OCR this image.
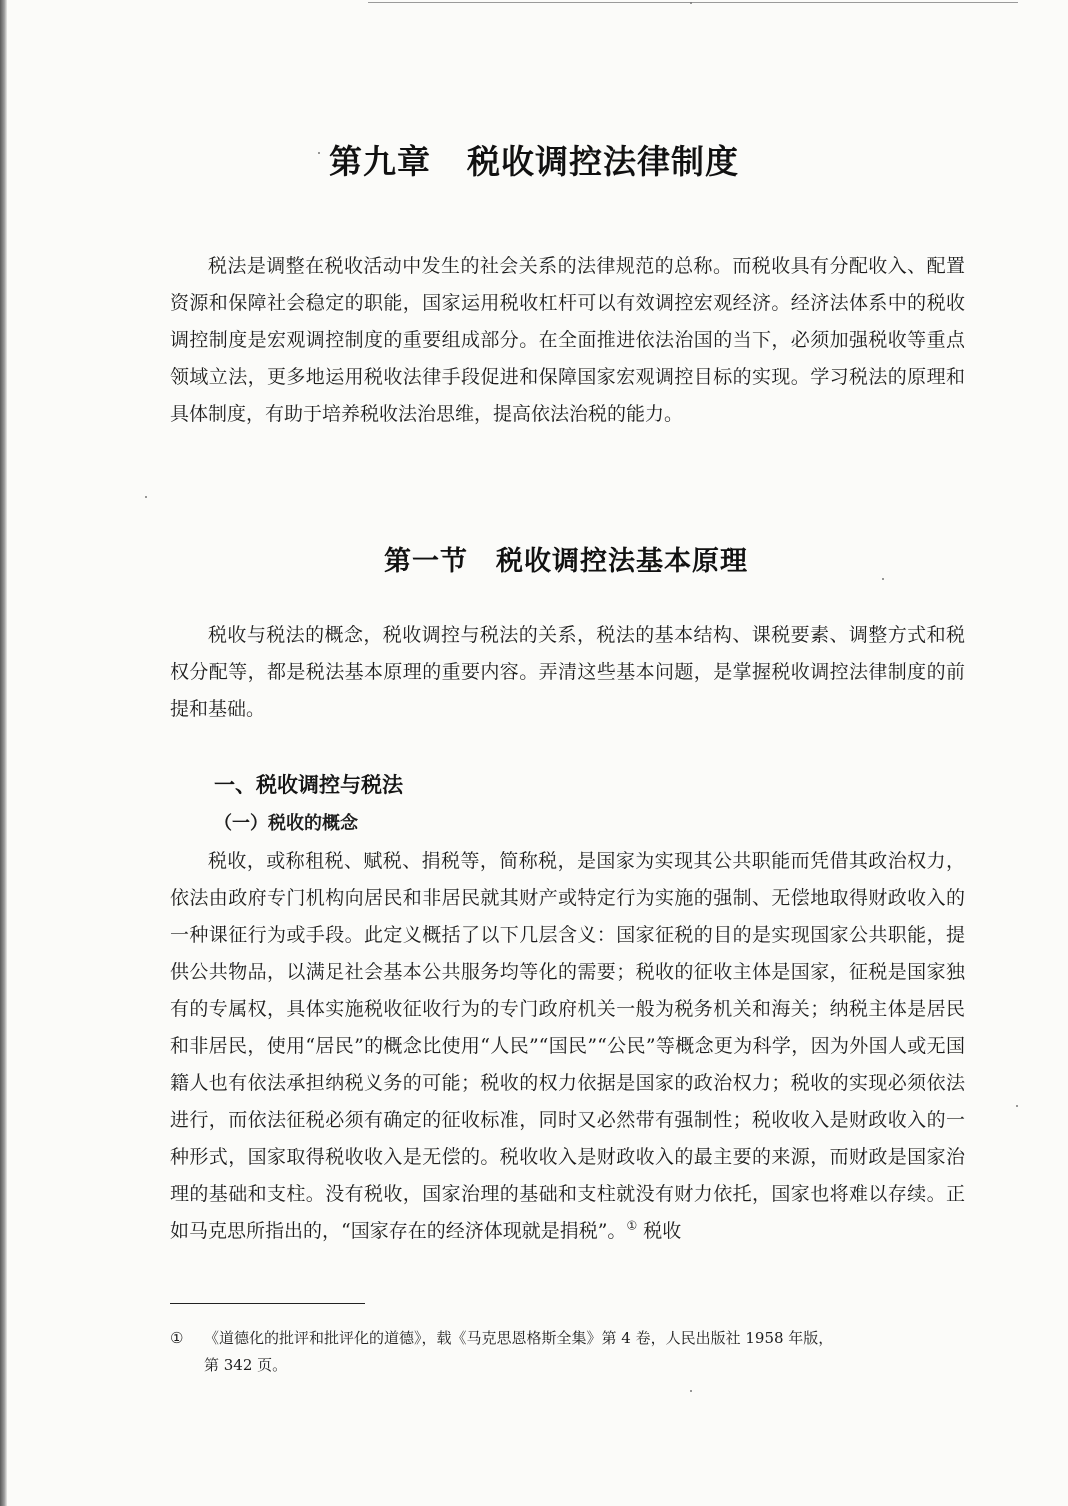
第九章 税收调控法律制度

税法是调整在税收活动中发生的社会关系的法律规范的总称。而税收具有分配收入、配置资源和保障社会稳定的职能，国家运用税收杠杆可以有效调控宏观经济。经济法体系中的税收调控制度是宏观调控制度的重要组成部分。在全面推进依法治国的当下，必须加强税收等重点领域立法，更多地运用税收法律手段促进和保障国家宏观调控目标的实现。学习税法的原理和具体制度，有助于培养税收法治思维，提高依法治税的能力。

第一节 税收调控法基本原理

税收与税法的概念，税收调控与税法的关系，税法的基本结构、课税要素、调整方式和税权分配等，都是税法基本原理的重要内容。弄清这些基本问题，是掌握税收调控法律制度的前提和基础。

一、税收调控与税法
（一）税收的概念

税收，或称租税、赋税、捐税等，简称税，是国家为实现其公共职能而凭借其政治权力，依法由政府专门机构向居民和非居民就其财产或特定行为实施的强制、无偿地取得财政收入的一种课征行为或手段。此定义概括了以下几层含义：国家征税的目的是实现国家公共职能，提供公共物品，以满足社会基本公共服务均等化的需要；税收的征收主体是国家，征税是国家独有的专属权，具体实施税收征收行为的专门政府机关一般为税务机关和海关；纳税主体是居民和非居民，使用“居民”的概念比使用“人民”“国民”“公民”等概念更为科学，因为外国人或无国籍人也有依法承担纳税义务的可能；税收的权力依据是国家的政治权力；税收的实现必须依法进行，而依法征税必须有确定的征收标准，同时又必然带有强制性；税收收入是财政收入的一种形式，国家取得税收收入是无偿的。税收收入是财政收入的最主要的来源，而财政是国家治理的基础和支柱。没有税收，国家治理的基础和支柱就没有财力依托，国家也将难以存续。正如马克思所指出的，“国家存在的经济体现就是捐税”。① 税收

① 《道德化的批评和批评化的道德》，载《马克思恩格斯全集》第 4 卷，人民出版社 1958 年版，
第 342 页。
